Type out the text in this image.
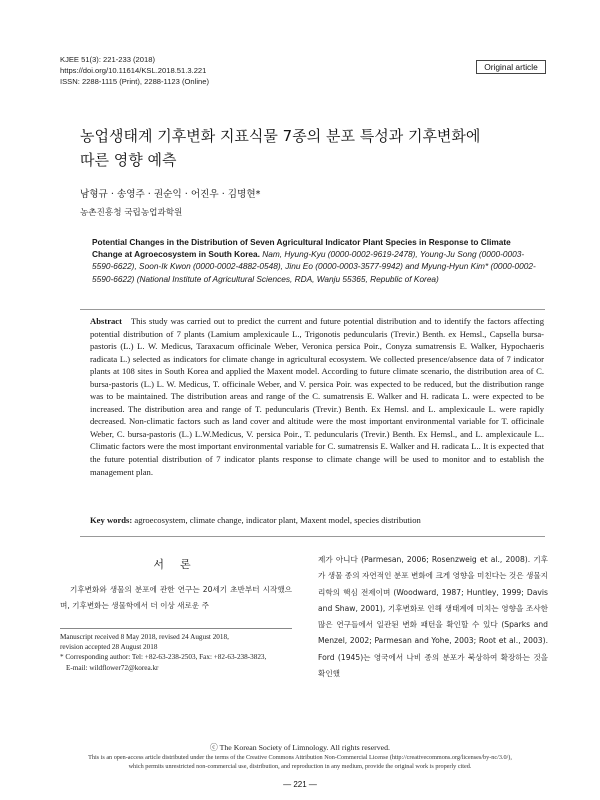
KJEE 51(3): 221-233 (2018)
https://doi.org/10.11614/KSL.2018.51.3.221
ISSN: 2288-1115 (Print), 2288-1123 (Online)
Original article
농업생태계 기후변화 지표식물 7종의 분포 특성과 기후변화에
따른 영향 예측
남형규 · 송영주 · 권순익 · 어진우 · 김명현*
농촌진흥청 국립농업과학원
Potential Changes in the Distribution of Seven Agricultural Indicator Plant Species in Response to Climate Change at Agroecosystem in South Korea. Nam, Hyung-Kyu (0000-0002-9619-2478), Young-Ju Song (0000-0003-5590-6622), Soon-Ik Kwon (0000-0002-4882-0548), Jinu Eo (0000-0003-3577-9942) and Myung-Hyun Kim* (0000-0002-5590-6622) (National Institute of Agricultural Sciences, RDA, Wanju 55365, Republic of Korea)

Abstract This study was carried out to predict the current and future potential distribution and to identify the factors affecting potential distribution of 7 plants (Lamium amplexicaule L., Trigonotis peduncularis (Trevir.) Benth. ex Hemsl., Capsella bursa-pastoris (L.) L. W. Medicus, Taraxacum officinale Weber, Veronica persica Poir., Conyza sumatrensis E. Walker, Hypochaeris radicata L.) selected as indicators for climate change in agricultural ecosystem. We collected presence/absence data of 7 indicator plants at 108 sites in South Korea and applied the Maxent model. According to future climate scenario, the distribution area of C. bursa-pastoris (L.) L. W. Medicus, T. officinale Weber, and V. persica Poir. was expected to be reduced, but the distribution range was to be maintained. The distribution areas and range of the C. sumatrensis E. Walker and H. radicata L. were expected to be increased. The distribution area and range of T. peduncularis (Trevir.) Benth. Ex Hemsl. and L. amplexicaule L. were rapidly decreased. Non-climatic factors such as land cover and altitude were the most important environmental variable for T. officinale Weber, C. bursa-pastoris (L.) L.W.Medicus, V. persica Poir., T. peduncularis (Trevir.) Benth. Ex Hemsl., and L. amplexicaule L.. Climatic factors were the most important environmental variable for C. sumatrensis E. Walker and H. radicata L.. It is expected that the future potential distribution of 7 indicator plants response to climate change will be used to monitor and to establish the management plan.

Key words: agroecosystem, climate change, indicator plant, Maxent model, species distribution
서론

기후변화와 생물의 분포에 관한 연구는 20세기 초반부터 시작했으며, 기후변화는 생물학에서 더 이상 새로운 주

제가 아니다 (Parmesan, 2006; Rosenzweig et al., 2008). 기후가 생물 종의 자연적인 분포 변화에 크게 영향을 미친다는 것은 생물지리학의 핵심 전제이며 (Woodward, 1987; Huntley, 1999; Davis and Shaw, 2001), 기후변화로 인해 생태계에 미치는 영향을 조사한 많은 연구들에서 일관된 변화 패턴을 확인할 수 있다 (Sparks and Menzel, 2002; Parmesan and Yohe, 2003; Root et al., 2003). Ford (1945)는 영국에서 나비 종의 분포가 북상하여 확장하는 것을 확인했

Manuscript received 8 May 2018, revised 24 August 2018,
revision accepted 28 August 2018
* Corresponding author: Tel: +82-63-238-2503, Fax: +82-63-238-3823,
E-mail: wildflower72@korea.kr
ⓒ The Korean Society of Limnology. All rights reserved.
This is an open-access article distributed under the terms of the Creative Commons Attribution Non-Commercial License (http://creativecommons.org/licenses/by-nc/3.0/),
which permits unrestricted non-commercial use, distribution, and reproduction in any medium, provide the original work is properly cited.
— 221 —
